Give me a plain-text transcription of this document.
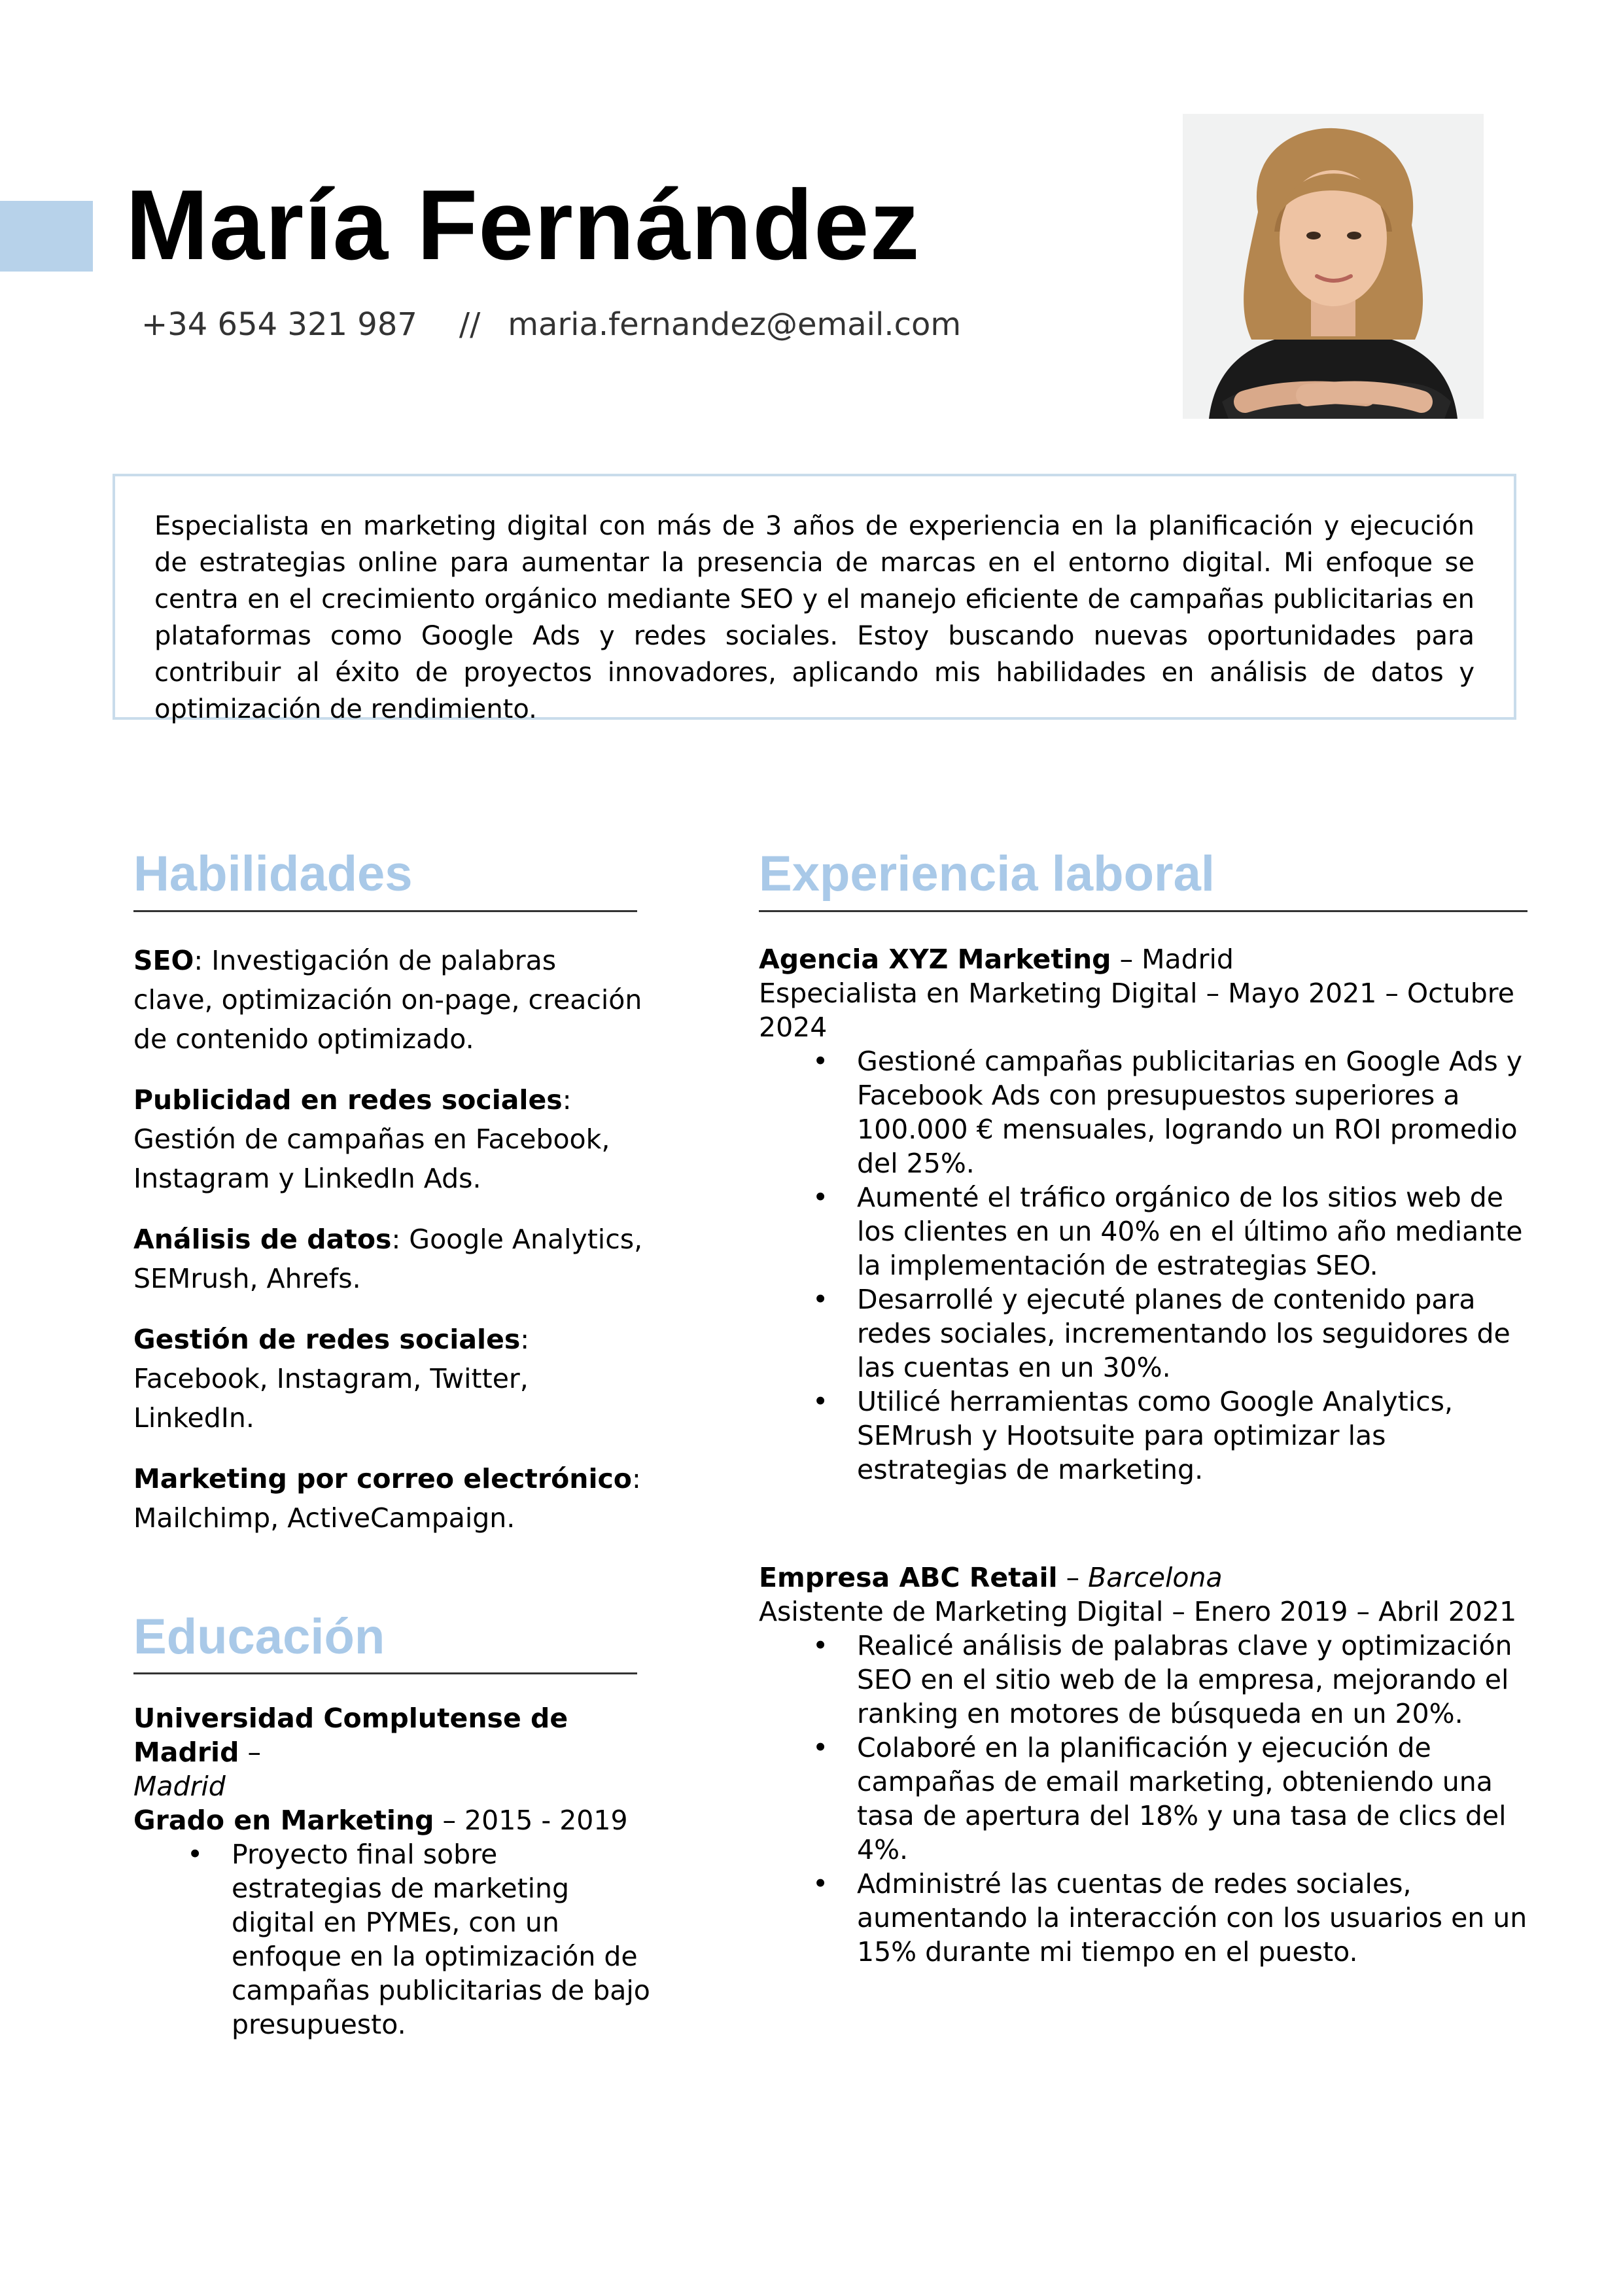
María Fernández
+34 654 321 987 // maria.fernandez@email.com
Especialista en marketing digital con más de 3 años de experiencia en la planificación y ejecución de estrategias online para aumentar la presencia de marcas en el entorno digital. Mi enfoque se centra en el crecimiento orgánico mediante SEO y el manejo eficiente de campañas publicitarias en plataformas como Google Ads y redes sociales. Estoy buscando nuevas oportunidades para contribuir al éxito de proyectos innovadores, aplicando mis habilidades en análisis de datos y optimización de rendimiento.
Habilidades

SEO: Investigación de palabras clave, optimización on-page, creación de contenido optimizado.

Publicidad en redes sociales: Gestión de campañas en Facebook, Instagram y LinkedIn Ads.

Análisis de datos: Google Analytics, SEMrush, Ahrefs.

Gestión de redes sociales: Facebook, Instagram, Twitter, LinkedIn.

Marketing por correo electrónico: Mailchimp, ActiveCampaign.

Educación

Universidad Complutense de Madrid –

Madrid

Grado en Marketing – 2015 - 2019

• Proyecto final sobre estrategias de marketing digital en PYMEs, con un enfoque en la optimización de campañas publicitarias de bajo presupuesto.
Experiencia laboral

Agencia XYZ Marketing – Madrid

Especialista en Marketing Digital – Mayo 2021 – Octubre 2024

• Gestioné campañas publicitarias en Google Ads y Facebook Ads con presupuestos superiores a 100.000 € mensuales, logrando un ROI promedio del 25%.
• Aumenté el tráfico orgánico de los sitios web de los clientes en un 40% en el último año mediante la implementación de estrategias SEO.
• Desarrollé y ejecuté planes de contenido para redes sociales, incrementando los seguidores de las cuentas en un 30%.
• Utilicé herramientas como Google Analytics, SEMrush y Hootsuite para optimizar las estrategias de marketing.

Empresa ABC Retail – Barcelona

Asistente de Marketing Digital – Enero 2019 – Abril 2021

• Realicé análisis de palabras clave y optimización SEO en el sitio web de la empresa, mejorando el ranking en motores de búsqueda en un 20%.
• Colaboré en la planificación y ejecución de campañas de email marketing, obteniendo una tasa de apertura del 18% y una tasa de clics del 4%.
• Administré las cuentas de redes sociales, aumentando la interacción con los usuarios en un 15% durante mi tiempo en el puesto.
